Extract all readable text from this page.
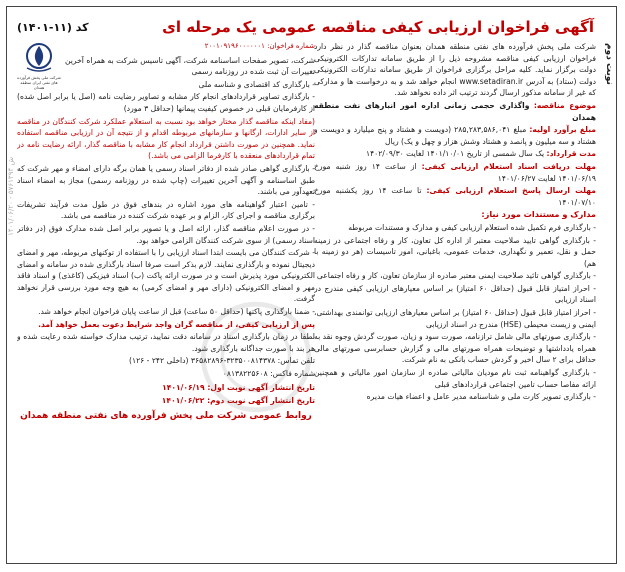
نوبت دوم
آگهی فراخوان ارزیابی کیفی مناقصه عمومی یک مرحله ای
کد (۱۱-۱۴۰۱)

شرکت ملی پخش فرآورده های نفتی منطقه همدان بعنوان مناقصه گذار در نظر دارد فراخوان ارزیابی کیفی مناقصه مشروحه ذیل را از طریق سامانه تدارکات الکترونیکی دولت برگزار نماید. کلیه مراحل برگزاری فراخوان از طریق سامانه تدارکات الکترونیکی دولت (ستاد) به آدرس www.setadiran.ir انجام خواهد شد و به درخواست ها و مدارکی که غیر از سامانه مذکور ارسال گردند ترتیب اثر داده نخواهد شد.

موضوع مناقصه: واگذاری حجمی زمانی اداره امور انبارهای نفت منطقه همدان

مبلغ برآورد اولیه: مبلغ ۲۸۵,۲۸۳,۵۸۶,۰۴۱ (دویست و هشتاد و پنج میلیارد و دویست و هشتاد و سه میلیون و پانصد و هشتاد وشش هزار و چهل و یک) ریال

مدت قرارداد: یک سال شمسی از تاریخ ۱۴۰۱/۱۰/۰۱ لغایت ۱۴۰۲/۰۹/۳۰

مهلت دریافت اسناد استعلام ارزیابی کیفی: از ساعت ۱۴ روز شنبه مورخ ۱۴۰۱/۰۶/۱۹ لغایت ۱۴۰۱/۰۶/۲۷

مهلت ارسال پاسخ استعلام ارزیابی کیفی: تا ساعت ۱۴ روز یکشنبه مورخ ۱۴۰۱/۰۷/۱۰

مدارک و مستندات مورد نیاز:

- بارگذاری فرم تکمیل شده استعلام ارزیابی کیفی و مدارک و مستندات مربوطه

- بارگذاری گواهی تایید صلاحیت معتبر از اداره کل تعاون، کار و رفاه اجتماعی در زمینه حمل و نقل، تعمیر و نگهداری، خدمات عمومی، باغبانی، امور تاسیسات (هر دو زمینه با هم)

- بارگذاری گواهی تائید صلاحیت ایمنی معتبر صادره از سازمان تعاون، کار و رفاه اجتماعی

- احراز امتیاز قابل قبول (حداقل ۶۰ امتیاز) بر اساس معیارهای ارزیابی کیفی مندرج در اسناد ارزیابی

- احراز امتیاز قابل قبول (حداقل ۶۰ امتیاز) بر اساس معیارهای ارزیابی توانمندی بهداشتی، ایمنی و زیست محیطی (HSE) مندرج در اسناد ارزیابی

- بارگذاری صورتهای مالی شامل ترازنامه، صورت سود و زیان، صورت گردش وجوه نقد به همراه یادداشتها و توضیحات همراه صورتهای مالی و گزارش حسابرسی صورتهای مالی حداقل برای ۲ سال اخیر و گردش حساب بانکی به نام شرکت.

- بارگذاری گواهینامه ثبت نام مودیان مالیاتی صادره از سازمان امور مالیاتی و همچنین ارائه مفاصا حساب تامین اجتماعی قراردادهای قبلی

- بارگذاری تصویر کارت ملی و شناسنامه مدیر عامل و اعضاء هیات مدیره

شماره فراخوان: ۲۰۰۱۰۹۱۹۶۰۰۰۰۰۰۱

شرکت، تصویر صفحات اساسنامه شرکت، آگهی تاسیس شرکت به همراه آخرین تغییرات آن ثبت شده در روزنامه رسمی

- بارگذاری کد اقتصادی و شناسه ملی

شرکت ملی پخش فرآورده های نفتی ایران منطقه همدان

- بارگذاری تصاویر قراردادهای انجام کار مشابه و تصاویر رضایت نامه (اصل یا برابر اصل شده) از کارفرمایان قبلی در خصوص کیفیت پیمانها (حداقل ۳ مورد)

(مفاد اینکه مناقصه گذار مختار خواهد بود نسبت به استعلام عملکرد شرکت کنندگان در مناقصه از سایر ادارات، ارگانها و سازمانهای مربوطه اقدام و از نتیجه آن در ارزیابی مناقصه استفاده نماید. همچنین در صورت داشتن قرارداد انجام کار مشابه با مناقصه گذار، ارائه رضایت نامه در تمام قراردادهای منعقده با کارفرما الزامی می باشد.)

- بارگذاری گواهی صادر شده از دفاتر اسناد رسمی یا همان برگه دارای امضاء و مهر شرکت که طبق اساسنامه و آگهی آخرین تغییرات (چاپ شده در روزنامه رسمی) مجاز به امضاء اسناد تعهدآور می باشند.

- تامین اعتبار گواهینامه های مورد اشاره در بندهای فوق در طول مدت فرآیند تشریفات برگزاری مناقصه و اجرای کار، الزام و بر عهده شرکت کننده در مناقصه می باشد.

- در صورت اعلام مناقصه گذار، ارائه اصل و یا تصویر برابر اصل شده مدارک فوق (در دفاتر اسناد رسمی) از سوی شرکت کنندگان الزامی خواهد بود.

- شرکت کنندگان می بایست ابتدا اسناد ارزیابی را با استفاده از توکنهای مربوطه، مهر و امضای دیجیتال نموده و بارگذاری نمایند. لازم بذکر است صرفا اسناد بارگذاری شده در سامانه و امضای الکترونیکی مورد پذیرش است و در صورت ارائه پاکت (ب) اسناد فیزیکی (کاغذی) و اسناد فاقد مهر و امضای الکترونیکی (دارای مهر و امضای کرمی) به هیچ وجه مورد بررسی قرار نخواهد گرفت.

- ضمنا بارگذاری پاکتها (حداقل ۵۰ ساعت) قبل از ساعت پایان فراخوان انجام خواهد شد.

پس از ارزیابی کیفی، از مناقصه گران واجد شرایط دعوت بعمل خواهد آمد.

لطفا در زمان بارگذاری اسناد در سامانه دقت نمایید، ترتیب مدارک خواسته شده رعایت شده و هر بند با صورت جداگانه بارگذاری شود.

تلفن تماس: ۳۲۳۵۰۰۸۱۴۳۷۸-۳۶۵۸۲۸۹۶ (داخلی ۲۴۲ - ۱۲۶)

شماره فاکس: ۰۸۱۳۸۲۲۵۶۰۸

تاریخ انتشار آگهی نوبت اول: ۱۴۰۱/۰۶/۱۹
تاریخ انتشار آگهی نوبت دوم: ۱۴۰۱/۰۶/۲۲
روابط عمومی شرکت ملی پخش فرآورده های نفتی منطقه همدان
ش ۵۷۶۱۳۹۴ - ۱۴۰۱/۰۶/۲۰
